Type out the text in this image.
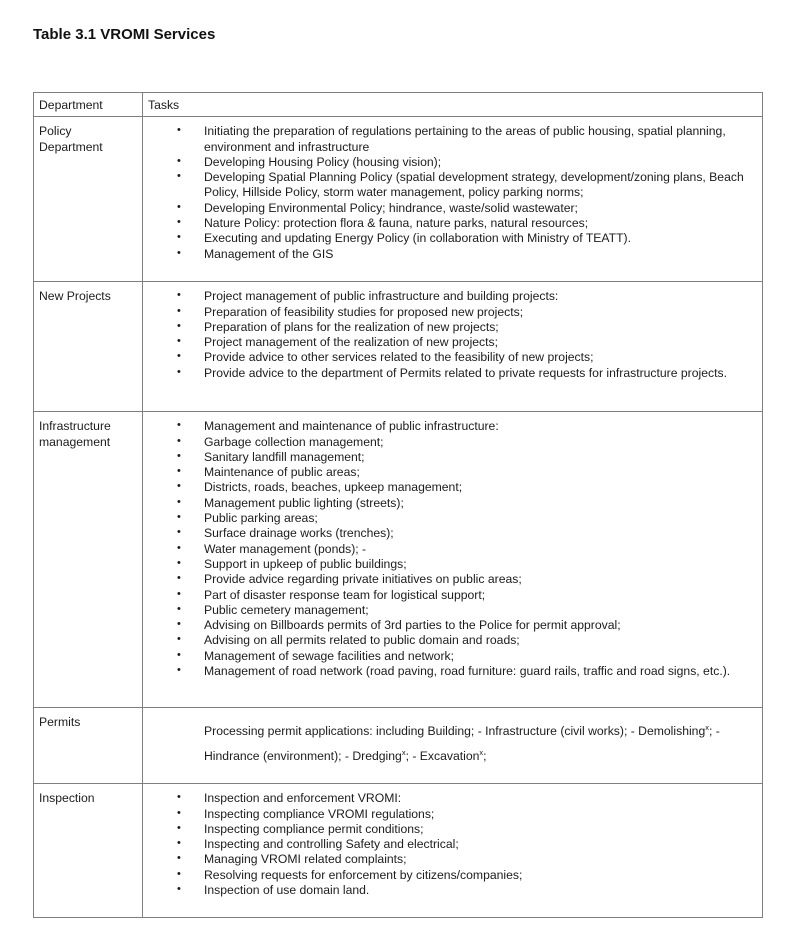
Table 3.1 VROMI Services
Department	Tasks
Policy Department	
• Initiating the preparation of regulations pertaining to the areas of public housing, spatial planning, environment and infrastructure
• Developing Housing Policy (housing vision);
• Developing Spatial Planning Policy (spatial development strategy, development/zoning plans, Beach Policy, Hillside Policy, storm water management, policy parking norms;
• Developing Environmental Policy; hindrance, waste/solid wastewater;
• Nature Policy: protection flora & fauna, nature parks, natural resources;
• Executing and updating Energy Policy (in collaboration with Ministry of TEATT).
• Management of the GIS

New Projects	
•Project management of public infrastructure and building projects:
• Preparation of feasibility studies for proposed new projects;
• Preparation of plans for the realization of new projects;
• Project management of the realization of new projects;
• Provide advice to other services related to the feasibility of new projects;
• Provide advice to the department of Permits related to private requests for infrastructure projects.

Infrastructure management	
• Management and maintenance of public infrastructure:
• Garbage collection management;
• Sanitary landfill management;
• Maintenance of public areas;
• Districts, roads, beaches, upkeep management;
• Management public lighting (streets);
• Public parking areas;
• Surface drainage works (trenches);
• Water management (ponds); -
• Support in upkeep of public buildings;
• Provide advice regarding private initiatives on public areas;
• Part of disaster response team for logistical support;
• Public cemetery management;
• Advising on Billboards permits of 3rd parties to the Police for permit approval;
• Advising on all permits related to public domain and roads;
• Management of sewage facilities and network;
• Management of road network (road paving, road furniture: guard rails, traffic and road signs, etc.).

Permits	Processing permit applications: including Building; - Infrastructure (civil works); - Demolishing$^x$; - Hindrance (environment); - Dredging$^x$; - Excavation$^x$;

Inspection	
•Inspection and enforcement VROMI:
• Inspecting compliance VROMI regulations;
• Inspecting compliance permit conditions;
• Inspecting and controlling Safety and electrical;
• Managing VROMI related complaints;
• Resolving requests for enforcement by citizens/companies;
• Inspection of use domain land.
